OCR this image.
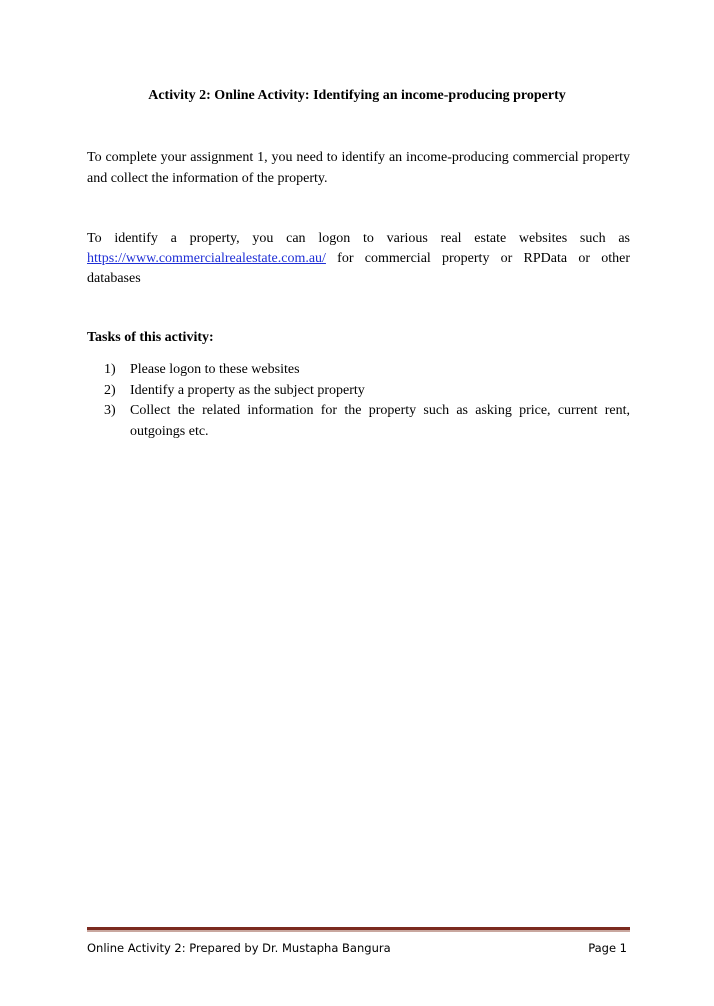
Activity 2: Online Activity: Identifying an income-producing property

To complete your assignment 1, you need to identify an income-producing commercial property and collect the information of the property.

To identify a property, you can logon to various real estate websites such as

https://www.commercialrealestate.com.au/ for commercial property or RPData or other

databases

Tasks of this activity:
1) Please logon to these websites
2) Identify a property as the subject property
3) Collect the related information for the property such as asking price, current rent, outgoings etc.
Online Activity 2: Prepared by Dr. Mustapha Bangura	Page 1
